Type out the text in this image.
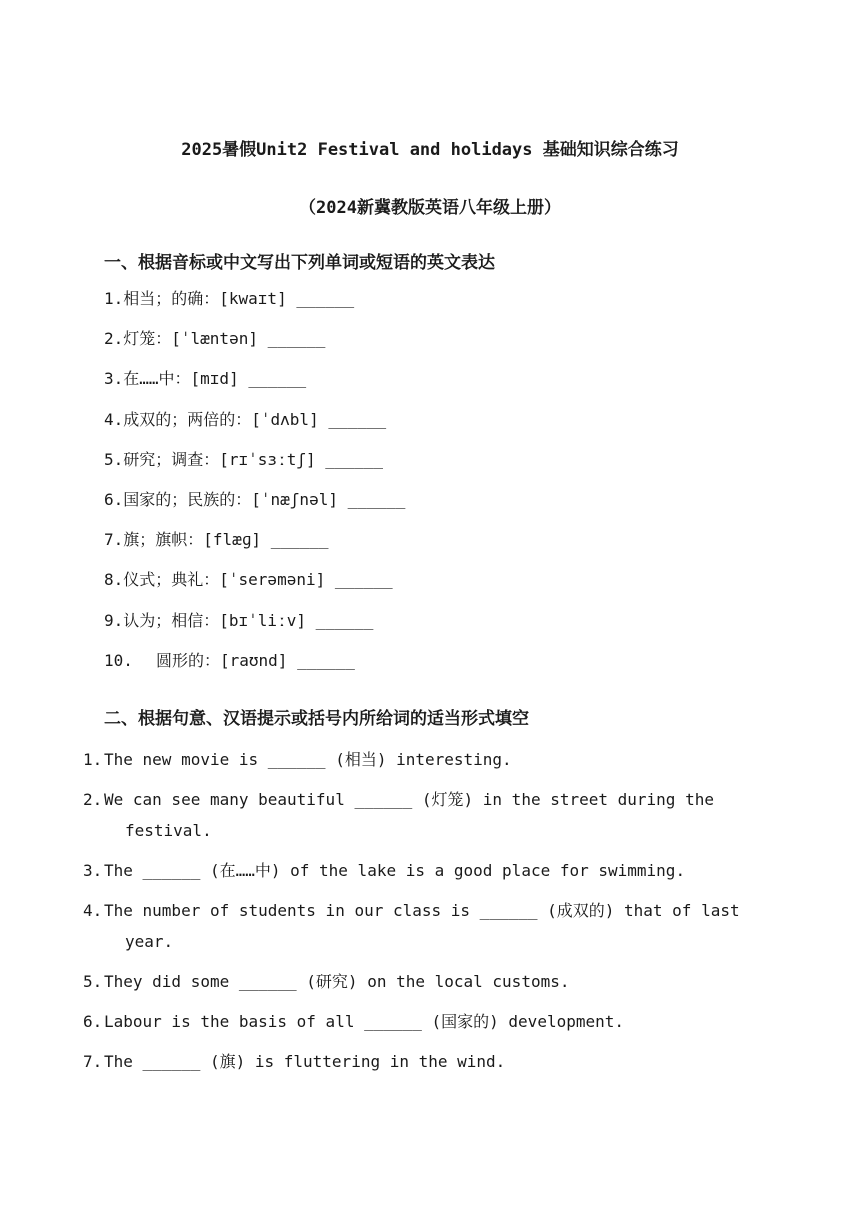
2025暑假Unit2 Festival and holidays 基础知识综合练习
（2024新冀教版英语八年级上册）
一、根据音标或中文写出下列单词或短语的英文表达
1.相当；的确：[kwaɪt] ______
2.灯笼：[ˈlæntən] ______
3.在……中：[mɪd] ______
4.成双的；两倍的：[ˈdʌbl] ______
5.研究；调查：[rɪˈsɜːtʃ] ______
6.国家的；民族的：[ˈnæʃnəl] ______
7.旗；旗帜：[flæɡ] ______
8.仪式；典礼：[ˈserəməni] ______
9.认为；相信：[bɪˈliːv] ______
10. 圆形的：[raʊnd] ______
二、根据句意、汉语提示或括号内所给词的适当形式填空
1. The new movie is ______ (相当) interesting.
2. We can see many beautiful ______ (灯笼) in the street during the festival.
3. The ______ (在……中) of the lake is a good place for swimming.
4. The number of students in our class is ______ (成双的) that of last year.
5. They did some ______ (研究) on the local customs.
6. Labour is the basis of all ______ (国家的) development.
7. The ______ (旗) is fluttering in the wind.
